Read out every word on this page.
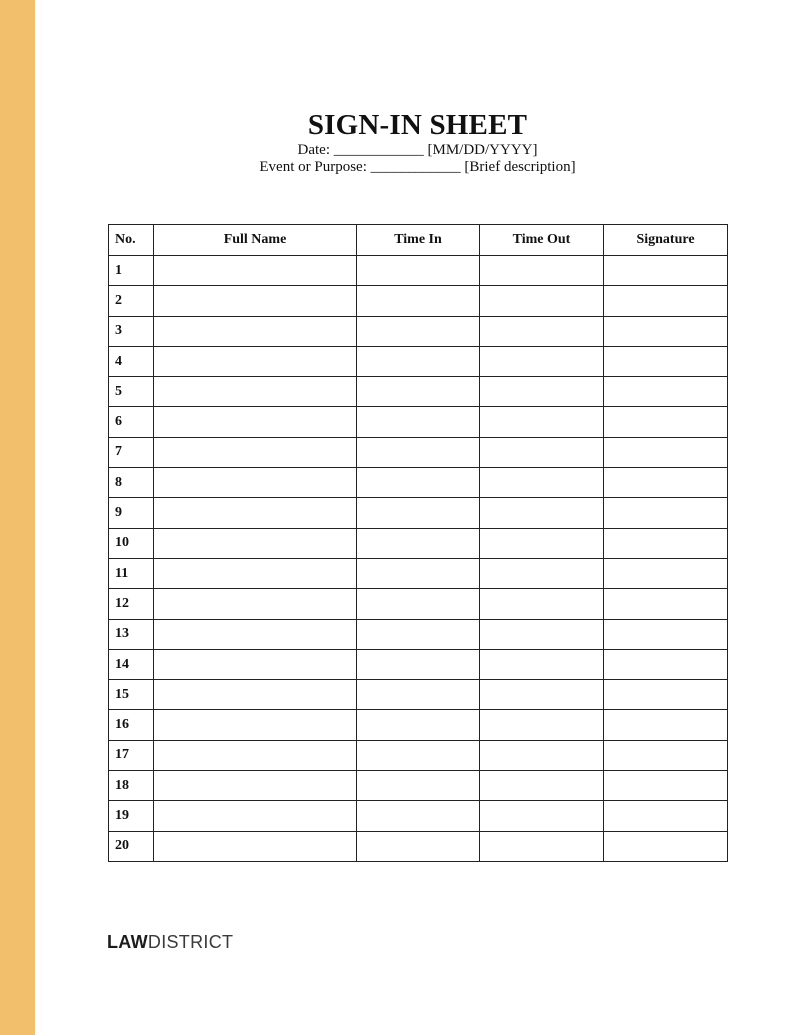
SIGN-IN SHEET

Date: ____________ [MM/DD/YYYY]

Event or Purpose: ____________ [Brief description]

No.	Full Name	Time In	Time Out	Signature
1				
2				
3				
4				
5				
6				
7				
8				
9				
10				
11				
12				
13				
14				
15				
16				
17				
18				
19				
20				
LAWDISTRICT
